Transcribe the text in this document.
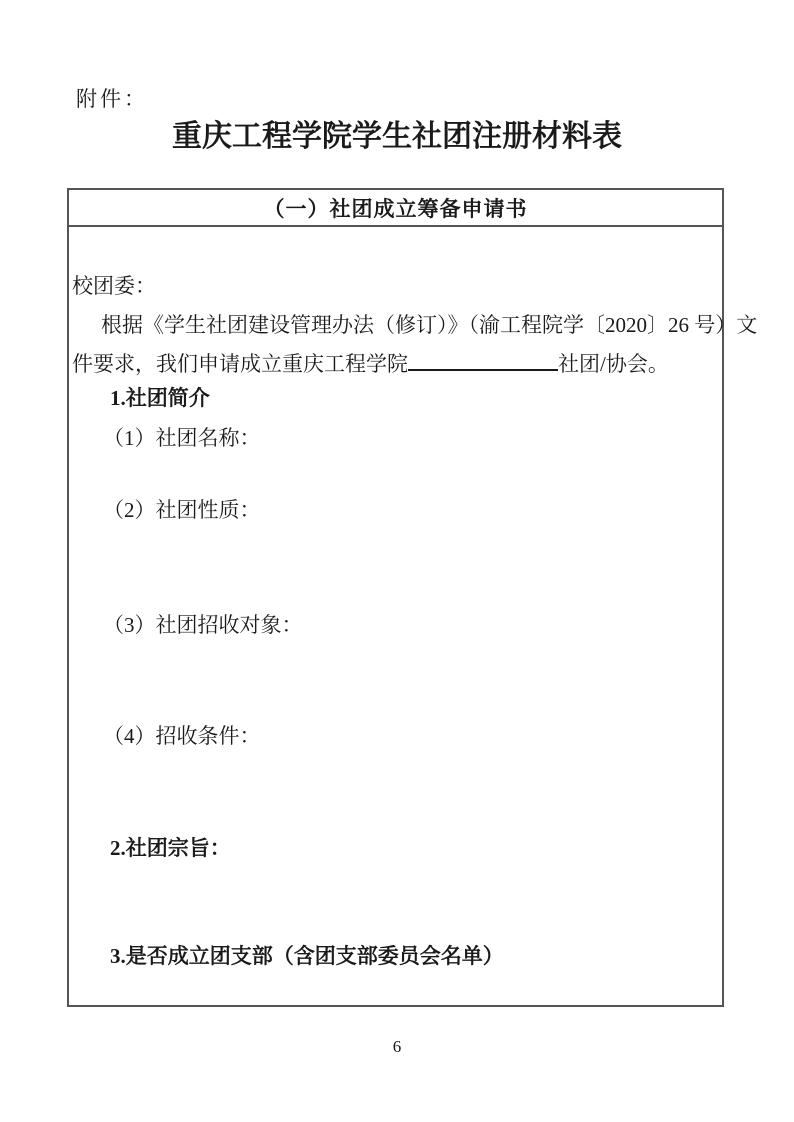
附件：
重庆工程学院学生社团注册材料表
（一）社团成立筹备申请书
校团委：
根据《学生社团建设管理办法（修订）》（渝工程院学〔2020〕26 号）文
件要求，我们申请成立重庆工程学院	社团/协会。
1.社团简介
（1）社团名称：
（2）社团性质：
（3）社团招收对象：
（4）招收条件：
2.社团宗旨：
3.是否成立团支部（含团支部委员会名单）
6
